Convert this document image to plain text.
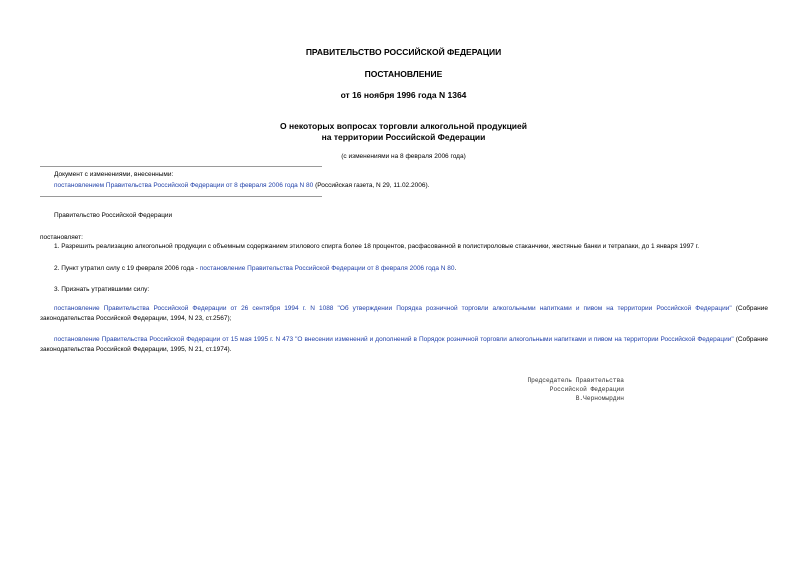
ПРАВИТЕЛЬСТВО РОССИЙСКОЙ ФЕДЕРАЦИИ
ПОСТАНОВЛЕНИЕ
от 16 ноября 1996 года N 1364
О некоторых вопросах торговли алкогольной продукцией
на территории Российской Федерации
(с изменениями на 8 февраля 2006 года)
Документ с изменениями, внесенными:
постановлением Правительства Российской Федерации от 8 февраля 2006 года N 80 (Российская газета, N 29, 11.02.2006).
Правительство Российской Федерации
постановляет:
1. Разрешить реализацию алкогольной продукции с объемным содержанием этилового спирта более 18 процентов, расфасованной в полистироловые стаканчики, жестяные банки и тетрапаки, до 1 января 1997 г.
2. Пункт утратил силу с 19 февраля 2006 года - постановление Правительства Российской Федерации от 8 февраля 2006 года N 80.
3. Признать утратившими силу:
постановление Правительства Российской Федерации от 26 сентября 1994 г. N 1088 "Об утверждении Порядка розничной торговли алкогольными напитками и пивом на территории Российской Федерации" (Собрание законодательства Российской Федерации, 1994, N 23, ст.2567);
постановление Правительства Российской Федерации от 15 мая 1995 г. N 473 "О внесении изменений и дополнений в Порядок розничной торговли алкогольными напитками и пивом на территории Российской Федерации" (Собрание законодательства Российской Федерации, 1995, N 21, ст.1974).
Председатель Правительства
Российской Федерации
В.Черномырдин
